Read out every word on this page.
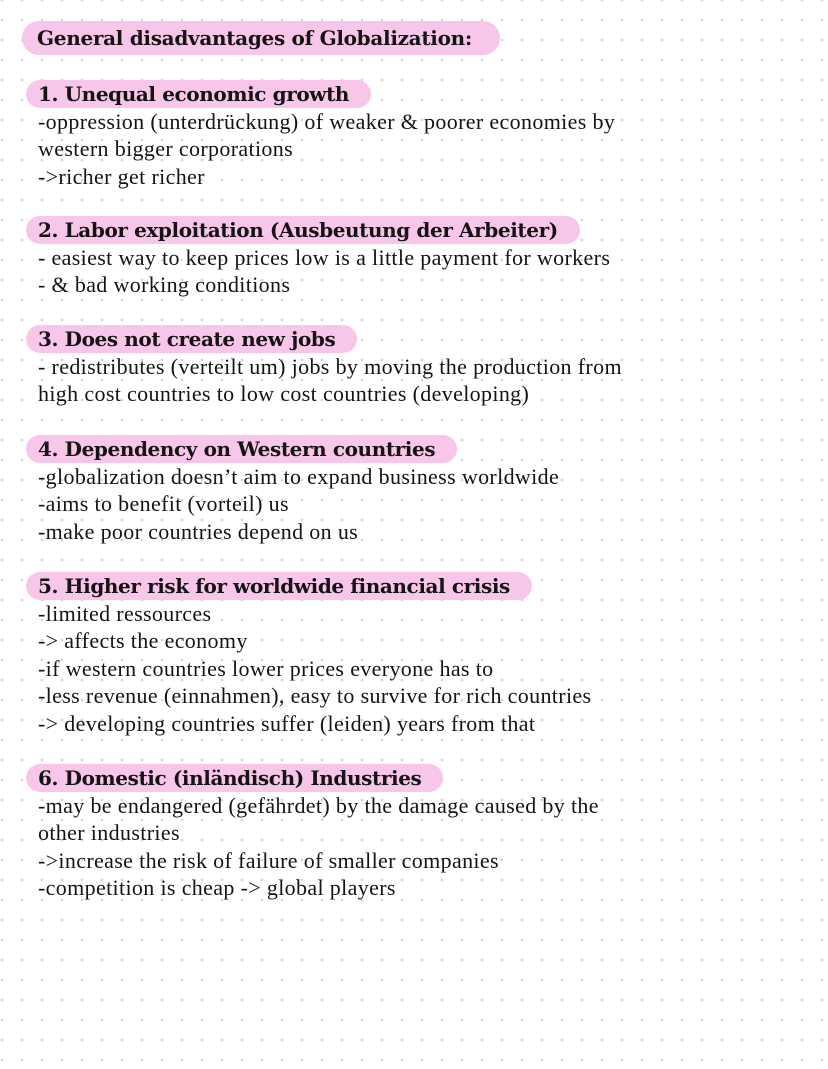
General disadvantages of Globalization:
1. Unequal economic growth
-oppression (unterdrückung) of weaker & poorer economies by
western bigger corporations
->richer get richer
2. Labor exploitation (Ausbeutung der Arbeiter)
- easiest way to keep prices low is a little payment for workers
- & bad working conditions
3. Does not create new jobs
- redistributes (verteilt um) jobs by moving the production from
high cost countries to low cost countries (developing)
4. Dependency on Western countries
-globalization doesn’t aim to expand business worldwide
-aims to benefit (vorteil) us
-make poor countries depend on us
5. Higher risk for worldwide financial crisis
-limited ressources
-> affects the economy
-if western countries lower prices everyone has to
-less revenue (einnahmen), easy to survive for rich countries
-> developing countries suffer (leiden) years from that
6. Domestic (inländisch) Industries
-may be endangered (gefährdet) by the damage caused by the
other industries
->increase the risk of failure of smaller companies
-competition is cheap -> global players
